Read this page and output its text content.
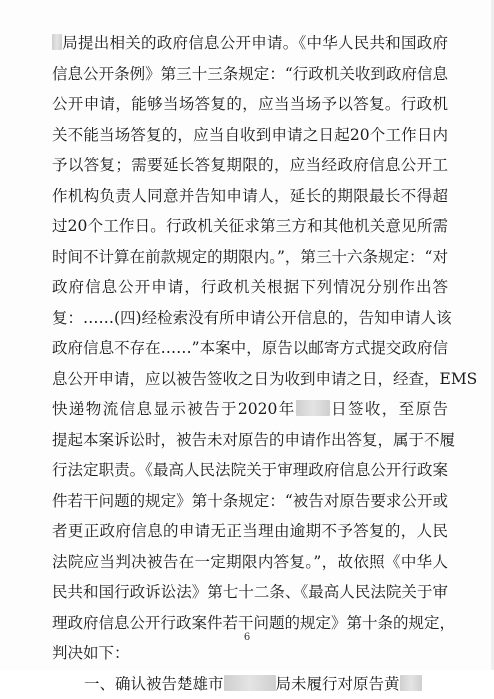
局提出相关的政府信息公开申请。《中华人民共和国政府
信息公开条例》第三十三条规定：“行政机关收到政府信息
公开申请，能够当场答复的，应当当场予以答复。行政机
关不能当场答复的，应当自收到申请之日起20个工作日内
予以答复；需要延长答复期限的，应当经政府信息公开工
作机构负责人同意并告知申请人，延长的期限最长不得超
过20个工作日。行政机关征求第三方和其他机关意见所需
时间不计算在前款规定的期限内。”，第三十六条规定：“对
政府信息公开申请，行政机关根据下列情况分别作出答
复：……(四)经检索没有所申请公开信息的，告知申请人该
政府信息不存在……”本案中，原告以邮寄方式提交政府信
息公开申请，应以被告签收之日为收到申请之日，经查，EMS
快递物流信息显示被告于2020年 日签收，至原告
提起本案诉讼时，被告未对原告的申请作出答复，属于不履
行法定职责。《最高人民法院关于审理政府信息公开行政案
件若干问题的规定》第十条规定：“被告对原告要求公开或
者更正政府信息的申请无正当理由逾期不予答复的，人民
法院应当判决被告在一定期限内答复。”，故依照《中华人
民共和国行政诉讼法》第七十二条、《最高人民法院关于审
理政府信息公开行政案件若干问题的规定》第十条的规定，
判决如下：
一、确认被告楚雄市	局未履行对原告黄
6
